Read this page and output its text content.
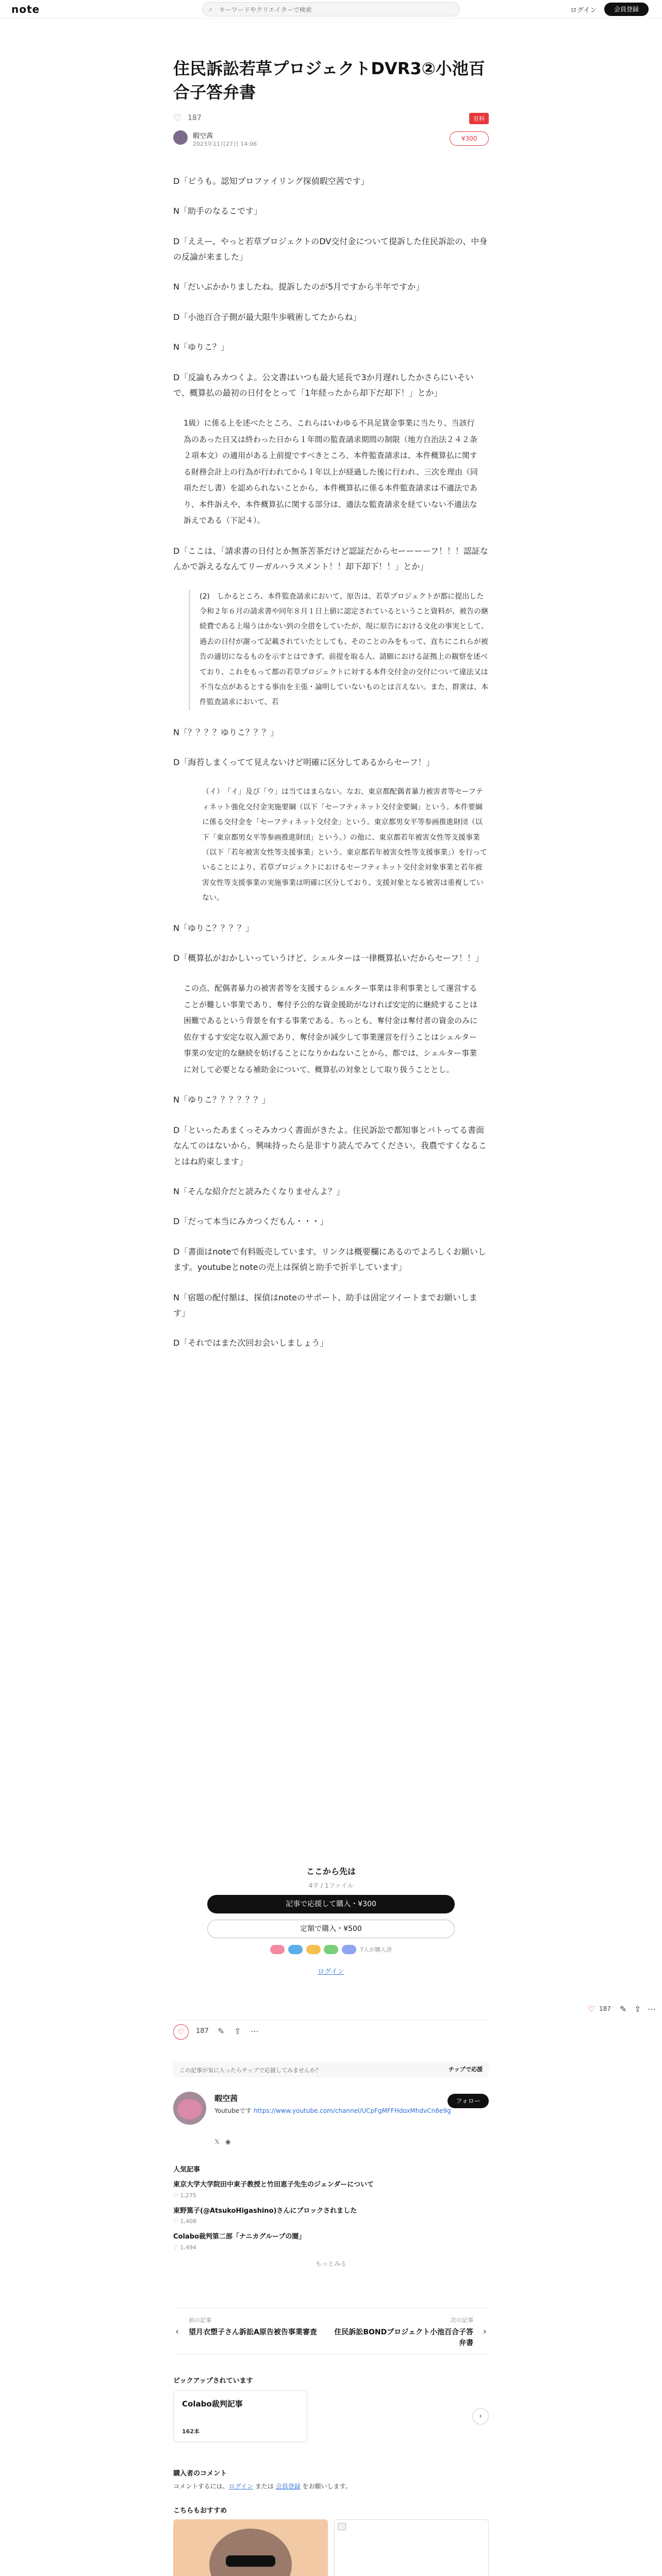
note	⌕
キーワードやクリエイターで検索	ログイン	会員登録
住民訴訟若草プロジェクトDVR3②小池百合子答弁書
♡ 187	有料
暇空茜
2023年11月27日 14:06
¥300

D「ピうも。認知プロファイリング探偵暇空茜です」

N「助手のなるこです」

D「ええー、やっと若草プロジェクトのDV交付金について提訴した住民訴訟の、中身の反論が来ました」

N「だいぶかかりましたね。提訴したのが5月ですから半年ですか」

D「小池百合子側が最大限牛歩戦術してたからね」

N「ゆりこ？」

D「反論もみカつくよ。公文書はいつも最大延長で3か月遅れしたかさらにいそいで、概算払の最初の日付をとって「1年経ったから却下だ却下！」とか」

1級）に係る上を述べたところ、これらはいわゆる不具足賃金事業に当たり、当該行為のあった日又は終わった日から１年間の監査請求期間の制限（地方自治法２４２条２項本文）の適用がある上前提ですべきところ、本件監査請求は、本件概算払に関する財務会計上の行為が行われてから１年以上が経過した後に行われ、三次を理由（同項ただし書）を認められないことから、本件概算払に係る本件監査請求は不適法であり、本件訴えや、本件概算払に関する部分は、適法な監査請求を経ていない不適法な訴えである（下記４）。

D「ここは、「請求書の日付とか無茶苦茶だけど認証だからセーーーーフ！！！認証なんかで訴えるなんてリーガルハラスメント！！却下却下！！」とか」

(2)　しかるところ、本件監査請求において、原告は、若草プロジェクトが都に提出した令和２年６月の請求書や同年８月１日上値に認定されているということ資料が、被告の継続費である上場うはかない到の全措をしていたが、現に原告における文化の事実として、過去の日付が謝って記載されていたとしても、そのことのみをもって、直ちにこれらが被告の適切になるものを示すとはできず、前提を取る人、請願における証拠上の観察を述べており、これをもって都の若草プロジェクトに対する本件交付金の交付について違法又は不当な点があるとする事由を主張・論明していないものとは言えない。また、群衆は、本件監査請求において、若

N「？？？？ゆりこ？？？」

D「海苔しまくってて見えないけど明確に区分してあるからセーフ！」

（イ）　「イ」及び「ウ」は当てはまらない。なお、東京都配偶者暴力被害者等セーフティネット強化交付金実施要綱（以下「セーフティネット交付金要綱」という。本件要綱に係る交付金を「セーフティネット交付金」という。東京都男女平等参画推進財団（以下「東京都男女平等参画推進財団」という。）の他に、東京都若年被害女性等支援事業（以下「若年被害女性等支援事業」という。東京都若年被害女性等支援事業」）を行っていることにより、若草プロジェクトにおけるセーフティネット交付金対象事業と若年被害女性等支援事業の実施事業は明確に区分しており、支援対象となる被害は重複していない。

N「ゆりこ？？？？」

D「概算払がおかしいっていうけど、シェルターは一律概算払いだからセーフ！！」

この点、配偶者暴力の被害者等を支援するシェルター事業は非利事業として運営することが難しい事業であり、奪付予公的な資金援助がなければ安定的に継続することは困難であるという背景を有する事業である。ちっとも、奪付金は奪付者の資金のみに依存するす安定な収入源であり、奪付金が減少して事業運営を行うことはシェルター事業の安定的な継続を妨げることになりかねないことから、都では、シェルター事業に対して必要となる補助金について、概算払の対象として取り扱うこととし。

N「ゆりこ？？？？？？」

D「といったあまくっそみカつく書面がきたよ。住民訴訟で都知事とバトってる書面なんてのはないから、興味持ったら是非すり読んでみてください。我農ですくなることはね約束します」

N「そんな紹介だと読みたくなりませんよ？」

D「だって本当にみカつくだもん・・・」

D「書面はnoteで有料販売しています。リンクは概要欄にあるのでよろしくお願いします。youtubeとnoteの売上は探偵と助手で折半しています」

N「宿題の配付額は、探偵はnoteのサポート、助手は固定ツイートまでお願いします」

D「それではまた次回お会いしましょう」

ここから先は
4字 / 1ファイル
記事で応援して購入・¥300
定額で購入・¥500
7人が購入済
ログイン
♡ 187 ✎ ⇪ ⋯
♡	187 ✎ ⇪ ⋯
この記事が気に入ったらチップで応援してみませんか？	チップで応援
暇空茜
Youtubeです https://www.youtube.com/channel/UCpFgMFFHdoxMhdvCn8e9g
𝕏 ◉
フォロー
人気記事
東京大学大学院田中東子教授と竹田恵子先生のジェンダーについて
♡ 1,275
東野篤子(@AtsukoHigashino)さんにブロックされました
♡ 1,408
Colabo裁判第二部「ナニカグループの闇」
♡ 1,494
もっとみる
‹
前の記事
望月衣塑子さん訴訟A原告被告事業審査
次の記事
住民訴訟BONDプロジェクト小池百合子答弁書
›
ピックアップされています
Colabo裁判記事
162本
›
購入者のコメント
コメントするには、ログイン または 会員登録 をお願いします。
こちらもおすすめ
